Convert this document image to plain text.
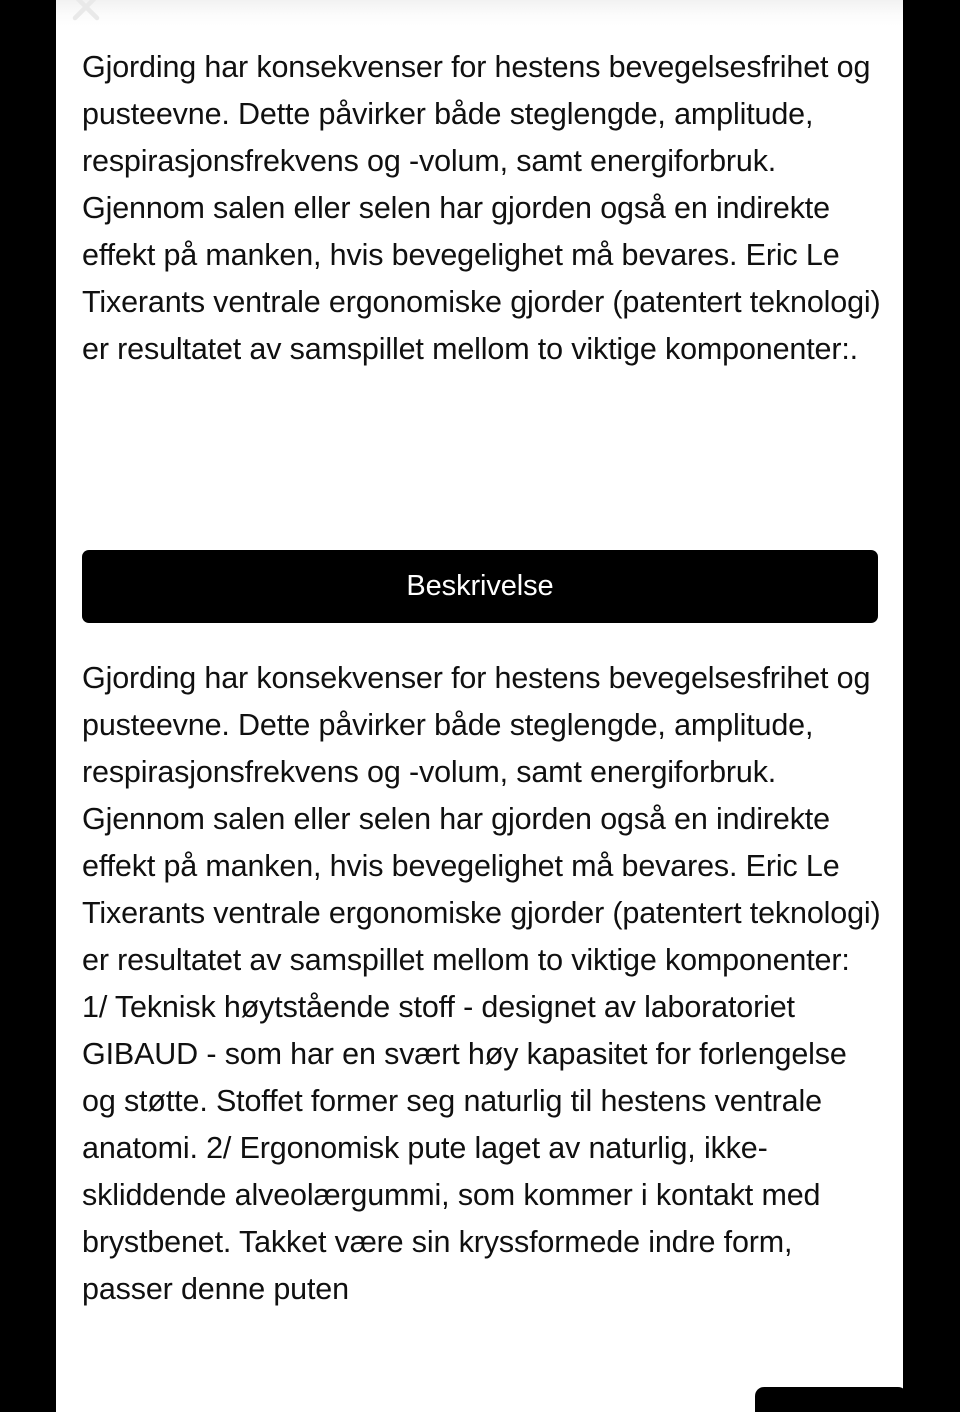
Gjording har konsekvenser for hestens bevegelsesfrihet og pusteevne. Dette påvirker både steglengde, amplitude, respirasjonsfrekvens og -volum, samt energiforbruk. Gjennom salen eller selen har gjorden også en indirekte effekt på manken, hvis bevegelighet må bevares. Eric Le Tixerants ventrale ergonomiske gjorder (patentert teknologi) er resultatet av samspillet mellom to viktige komponenter:.

Beskrivelse

Gjording har konsekvenser for hestens bevegelsesfrihet og pusteevne. Dette påvirker både steglengde, amplitude, respirasjonsfrekvens og -volum, samt energiforbruk. Gjennom salen eller selen har gjorden også en indirekte effekt på manken, hvis bevegelighet må bevares. Eric Le Tixerants ventrale ergonomiske gjorder (patentert teknologi) er resultatet av samspillet mellom to viktige komponenter: 1/ Teknisk høytstående stoff - designet av laboratoriet GIBAUD - som har en svært høy kapasitet for forlengelse og støtte. Stoffet former seg naturlig til hestens ventrale anatomi. 2/ Ergonomisk pute laget av naturlig, ikke-skliddende alveolærgummi, som kommer i kontakt med brystbenet. Takket være sin kryssformede indre form, passer denne puten
